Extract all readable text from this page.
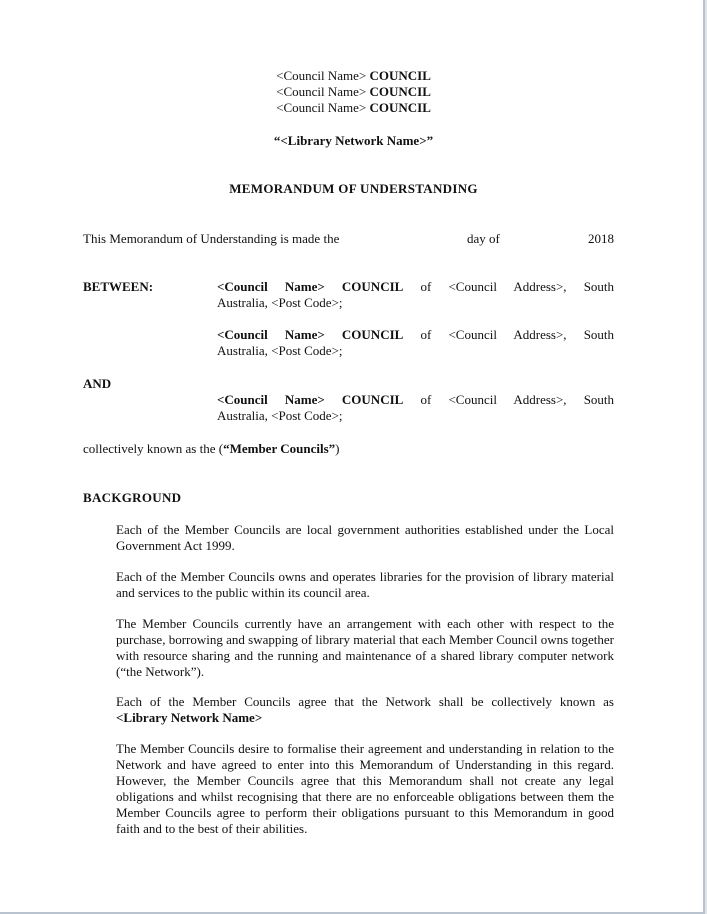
<Council Name> COUNCIL
<Council Name> COUNCIL
<Council Name> COUNCIL
“<Library Network Name>”
MEMORANDUM OF UNDERSTANDING
This Memorandum of Understanding is made the	day of	2018
BETWEEN:	<Council Name> COUNCIL of <Council Address>, South
Australia, <Post Code>;
<Council Name> COUNCIL of <Council Address>, South
Australia, <Post Code>;
AND
<Council Name> COUNCIL of <Council Address>, South
Australia, <Post Code>;
collectively known as the (“Member Councils”)
BACKGROUND
Each of the Member Councils are local government authorities established under the Local Government Act 1999.
Each of the Member Councils owns and operates libraries for the provision of library material and services to the public within its council area.
The Member Councils currently have an arrangement with each other with respect to the purchase, borrowing and swapping of library material that each Member Council owns together with resource sharing and the running and maintenance of a shared library computer network (“the Network”).
Each of the Member Councils agree that the Network shall be collectively known as
<Library Network Name>
The Member Councils desire to formalise their agreement and understanding in relation to the Network and have agreed to enter into this Memorandum of Understanding in this regard. However, the Member Councils agree that this Memorandum shall not create any legal obligations and whilst recognising that there are no enforceable obligations between them the Member Councils agree to perform their obligations pursuant to this Memorandum in good faith and to the best of their abilities.
